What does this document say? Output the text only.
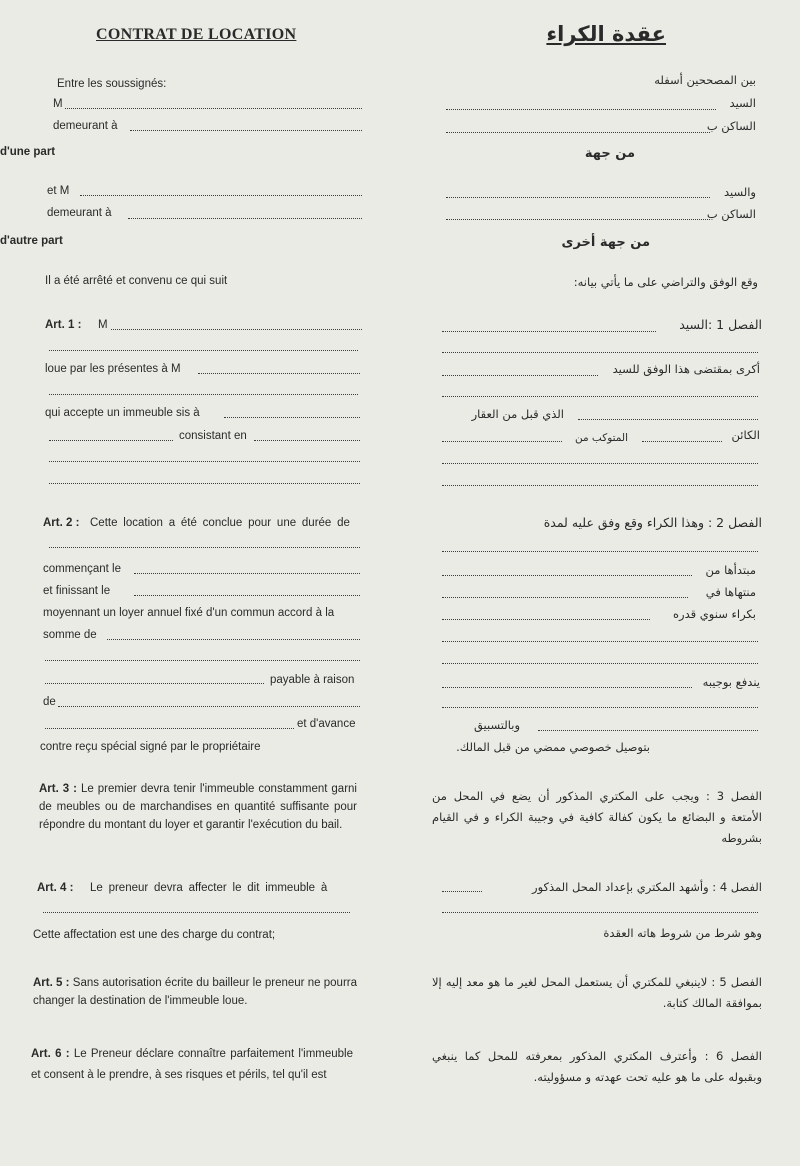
CONTRAT DE LOCATION
Entre les soussignés:
M
demeurant à
d'une part
et M
demeurant à
d'autre part
Il a été arrêté et convenu ce qui suit
Art. 1 : M
loue par les présentes à M
qui accepte un immeuble sis à
consistant en
Art. 2 : Cette location a été conclue pour une durée de
commençant le
et finissant le
moyennant un loyer annuel fixé d'un commun accord à la
somme de
payable à raison
de
et d'avance
contre reçu spécial signé par le propriétaire
Art. 3 : Le premier devra tenir l'immeuble constamment garni de meubles ou de marchandises en quantité suffisante pour répondre du montant du loyer et garantir l'exécution du bail.
Art. 4 : Le preneur devra affecter le dit immeuble à
Cette affectation est une des charge du contrat;
Art. 5 : Sans autorisation écrite du bailleur le preneur ne pourra changer la destination de l'immeuble loue.
Art. 6 : Le Preneur déclare connaître parfaitement l'immeuble et consent à le prendre, à ses risques et périls, tel qu'il est
عقدة الكراء
بين المصححين أسفله
السيد
الساكن ب
من جهة
والسيد
الساكن ب
من جهة أخرى
وقع الوفق والتراضي على ما يأتي بيانه:
الفصل 1 :السيد
أكرى بمقتضى هذا الوفق للسيد
الذي قبل من العقار
الكائن
المتوكب من
الفصل 2 : وهذا الكراء وقع وفق عليه لمدة
مبتدأها من
منتهاها في
بكراء سنوي قدره
يندفع بوجيبه
وبالتسبيق
بتوصيل خصوصي ممضي من قبل المالك.
الفصل 3 : ويجب على المكتري المذكور أن يضع في المحل من الأمتعة و البضائع ما يكون كفالة كافية في وجيبة الكراء و في القيام بشروطه
الفصل 4 : وأشهد المكتري بإعداد المحل المذكور
وهو شرط من شروط هاته العقدة
الفصل 5 : لاينبغي للمكتري أن يستعمل المحل لغير ما هو معد إليه إلا بموافقة المالك كتابة.
الفصل 6 : وأعترف المكتري المذكور بمعرفته للمحل كما ينبغي وبقبوله على ما هو عليه تحت عهدته و مسؤوليته.
